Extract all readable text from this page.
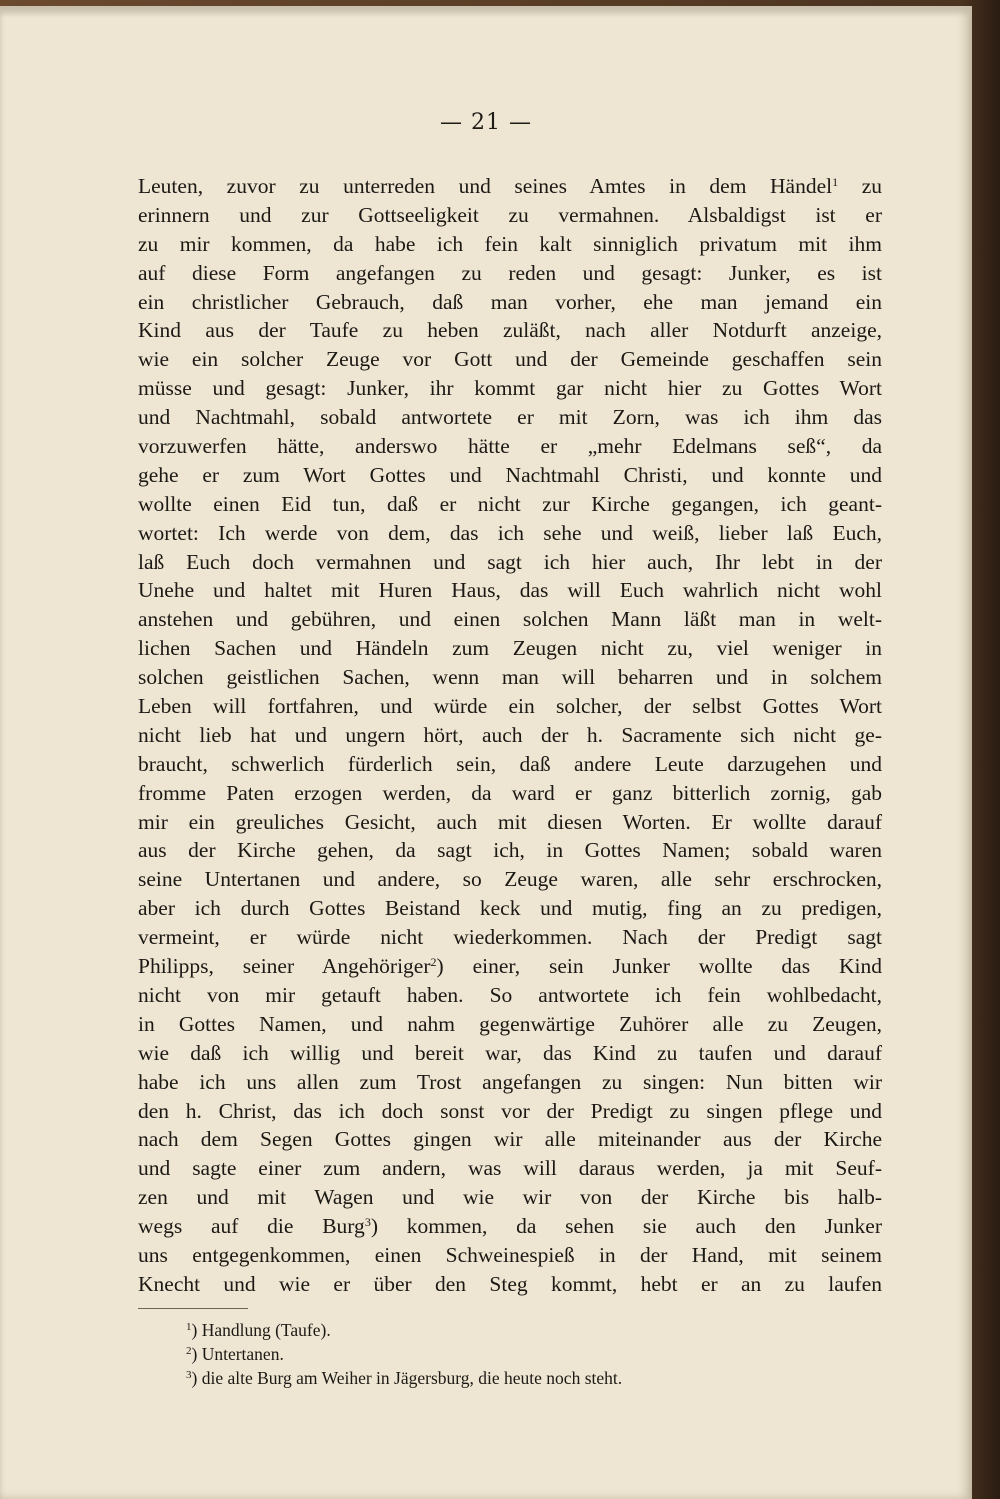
— 21 —
Leuten, zuvor zu unterreden und seines Amtes in dem Händel$^1$ zu
erinnern und zur Gottseeligkeit zu vermahnen. Alsbaldigst ist er
zu mir kommen, da habe ich fein kalt sinniglich privatum mit ihm
auf diese Form angefangen zu reden und gesagt: Junker, es ist
ein christlicher Gebrauch, daß man vorher, ehe man jemand ein
Kind aus der Taufe zu heben zuläßt, nach aller Notdurft anzeige,
wie ein solcher Zeuge vor Gott und der Gemeinde geschaffen sein
müsse und gesagt: Junker, ihr kommt gar nicht hier zu Gottes Wort
und Nachtmahl, sobald antwortete er mit Zorn, was ich ihm das
vorzuwerfen hätte, anderswo hätte er „mehr Edelmans seß“, da
gehe er zum Wort Gottes und Nachtmahl Christi, und konnte und
wollte einen Eid tun, daß er nicht zur Kirche gegangen, ich geant-
wortet: Ich werde von dem, das ich sehe und weiß, lieber laß Euch,
laß Euch doch vermahnen und sagt ich hier auch, Ihr lebt in der
Unehe und haltet mit Huren Haus, das will Euch wahrlich nicht wohl
anstehen und gebühren, und einen solchen Mann läßt man in welt-
lichen Sachen und Händeln zum Zeugen nicht zu, viel weniger in
solchen geistlichen Sachen, wenn man will beharren und in solchem
Leben will fortfahren, und würde ein solcher, der selbst Gottes Wort
nicht lieb hat und ungern hört, auch der h. Sacramente sich nicht ge-
braucht, schwerlich fürderlich sein, daß andere Leute darzugehen und
fromme Paten erzogen werden, da ward er ganz bitterlich zornig, gab
mir ein greuliches Gesicht, auch mit diesen Worten. Er wollte darauf
aus der Kirche gehen, da sagt ich, in Gottes Namen; sobald waren
seine Untertanen und andere, so Zeuge waren, alle sehr erschrocken,
aber ich durch Gottes Beistand keck und mutig, fing an zu predigen,
vermeint, er würde nicht wiederkommen. Nach der Predigt sagt
Philipps, seiner Angehöriger$^2$) einer, sein Junker wollte das Kind
nicht von mir getauft haben. So antwortete ich fein wohlbedacht,
in Gottes Namen, und nahm gegenwärtige Zuhörer alle zu Zeugen,
wie daß ich willig und bereit war, das Kind zu taufen und darauf
habe ich uns allen zum Trost angefangen zu singen: Nun bitten wir
den h. Christ, das ich doch sonst vor der Predigt zu singen pflege und
nach dem Segen Gottes gingen wir alle miteinander aus der Kirche
und sagte einer zum andern, was will daraus werden, ja mit Seuf-
zen und mit Wagen und wie wir von der Kirche bis halb-
wegs auf die Burg$^3$) kommen, da sehen sie auch den Junker
uns entgegenkommen, einen Schweinespieß in der Hand, mit seinem
Knecht und wie er über den Steg kommt, hebt er an zu laufen
$^1$) Handlung (Taufe).
$^2$) Untertanen.
$^3$) die alte Burg am Weiher in Jägersburg, die heute noch steht.
